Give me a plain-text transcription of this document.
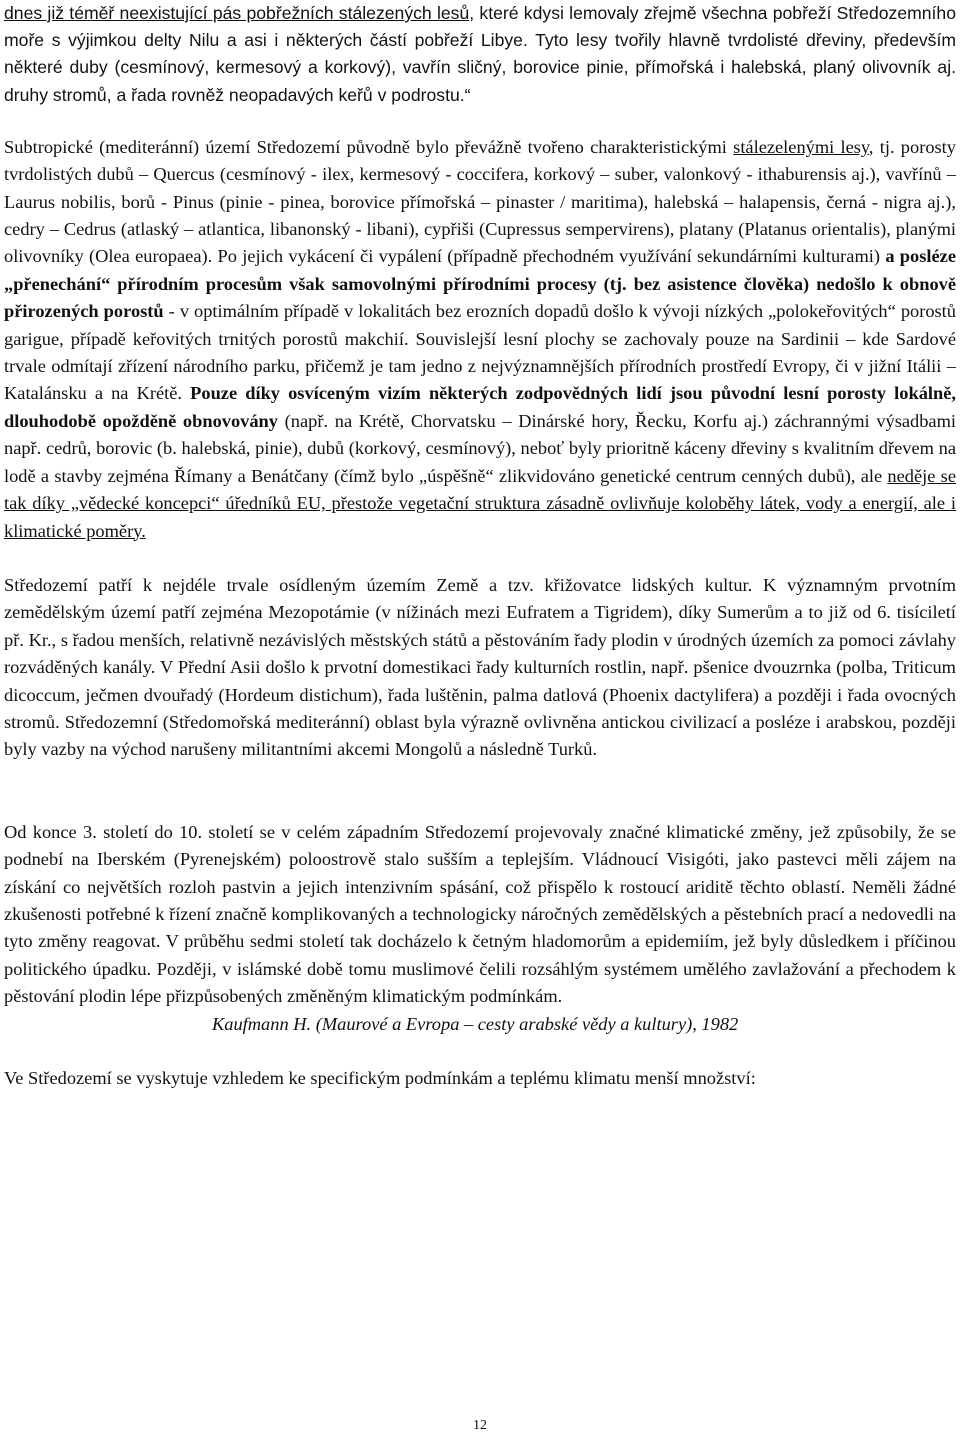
dnes již téměř neexistující pás pobřežních stálezených lesů, které kdysi lemovaly zřejmě všechna pobřeží Středozemního moře s výjimkou delty Nilu a asi i některých částí pobřeží Libye. Tyto lesy tvořily hlavně tvrdolisté dřeviny, především některé duby (cesmínový, kermesový a korkový), vavřín sličný, borovice pinie, přímořská i halebská, planý olivovník aj. druhy stromů, a řada rovněž neopadavých keřů v podrostu.“

Subtropické (mediteránní) území Středozemí původně bylo převážně tvořeno charakteristickými stálezelenými lesy, tj. porosty tvrdolistých dubů – Quercus (cesmínový - ilex, kermesový - coccifera, korkový – suber, valonkový - ithaburensis aj.), vavřínů – Laurus nobilis, borů - Pinus (pinie - pinea, borovice přímořská – pinaster / maritima), halebská – halapensis, černá - nigra aj.), cedry – Cedrus (atlaský – atlantica, libanonský - libani), cypřiši (Cupressus sempervirens), platany (Platanus orientalis), planými olivovníky (Olea europaea). Po jejich vykácení či vypálení (případně přechodném využívání sekundárními kulturami) a posléze „přenechání“ přírodním procesům však samovolnými přírodními procesy (tj. bez asistence člověka) nedošlo k obnově přirozených porostů - v optimálním případě v lokalitách bez erozních dopadů došlo k vývoji nízkých „polokeřovitých“ porostů garigue, případě keřovitých trnitých porostů makchií. Souvislejší lesní plochy se zachovaly pouze na Sardinii – kde Sardové trvale odmítají zřízení národního parku, přičemž je tam jedno z nejvýznamnějších přírodních prostředí Evropy, či v jižní Itálii – Katalánsku a na Krétě. Pouze díky osvíceným vizím některých zodpovědných lidí jsou původní lesní porosty lokálně, dlouhodobě opožděně obnovovány (např. na Krétě, Chorvatsku – Dinárské hory, Řecku, Korfu aj.) záchrannými výsadbami např. cedrů, borovic (b. halebská, pinie), dubů (korkový, cesmínový), neboť byly prioritně káceny dřeviny s kvalitním dřevem na lodě a stavby zejména Římany a Benátčany (čímž bylo „úspěšně“ zlikvidováno genetické centrum cenných dubů), ale neděje se tak díky „vědecké koncepci“ úředníků EU, přestože vegetační struktura zásadně ovlivňuje koloběhy látek, vody a energií, ale i klimatické poměry.

Středozemí patří k nejdéle trvale osídleným územím Země a tzv. křižovatce lidských kultur. K významným prvotním zemědělským území patří zejména Mezopotámie (v nížinách mezi Eufratem a Tigridem), díky Sumerům a to již od 6. tisíciletí př. Kr., s řadou menších, relativně nezávislých městských států a pěstováním řady plodin v úrodných územích za pomoci závlahy rozváděných kanály. V Přední Asii došlo k prvotní domestikaci řady kulturních rostlin, např. pšenice dvouzrnka (polba, Triticum dicoccum, ječmen dvouřadý (Hordeum distichum), řada luštěnin, palma datlová (Phoenix dactylifera) a později i řada ovocných stromů. Středozemní (Středomořská mediteránní) oblast byla výrazně ovlivněna antickou civilizací a posléze i arabskou, později byly vazby na východ narušeny militantními akcemi Mongolů a následně Turků.

Od konce 3. století do 10. století se v celém západním Středozemí projevovaly značné klimatické změny, jež způsobily, že se podnebí na Iberském (Pyrenejském) poloostrově stalo sušším a teplejším. Vládnoucí Visigóti, jako pastevci měli zájem na získání co největších rozloh pastvin a jejich intenzivním spásání, což přispělo k rostoucí ariditě těchto oblastí. Neměli žádné zkušenosti potřebné k řízení značně komplikovaných a technologicky náročných zemědělských a pěstebních prací a nedovedli na tyto změny reagovat. V průběhu sedmi století tak docházelo k četným hladomorům a epidemiím, jež byly důsledkem i příčinou politického úpadku. Později, v islámské době tomu muslimové čelili rozsáhlým systémem umělého zavlažování a přechodem k pěstování plodin lépe přizpůsobených změněným klimatickým podmínkám.

Kaufmann H. (Maurové a Evropa – cesty arabské vědy a kultury), 1982

Ve Středozemí se vyskytuje vzhledem ke specifickým podmínkám a teplému klimatu menší množství:

12
